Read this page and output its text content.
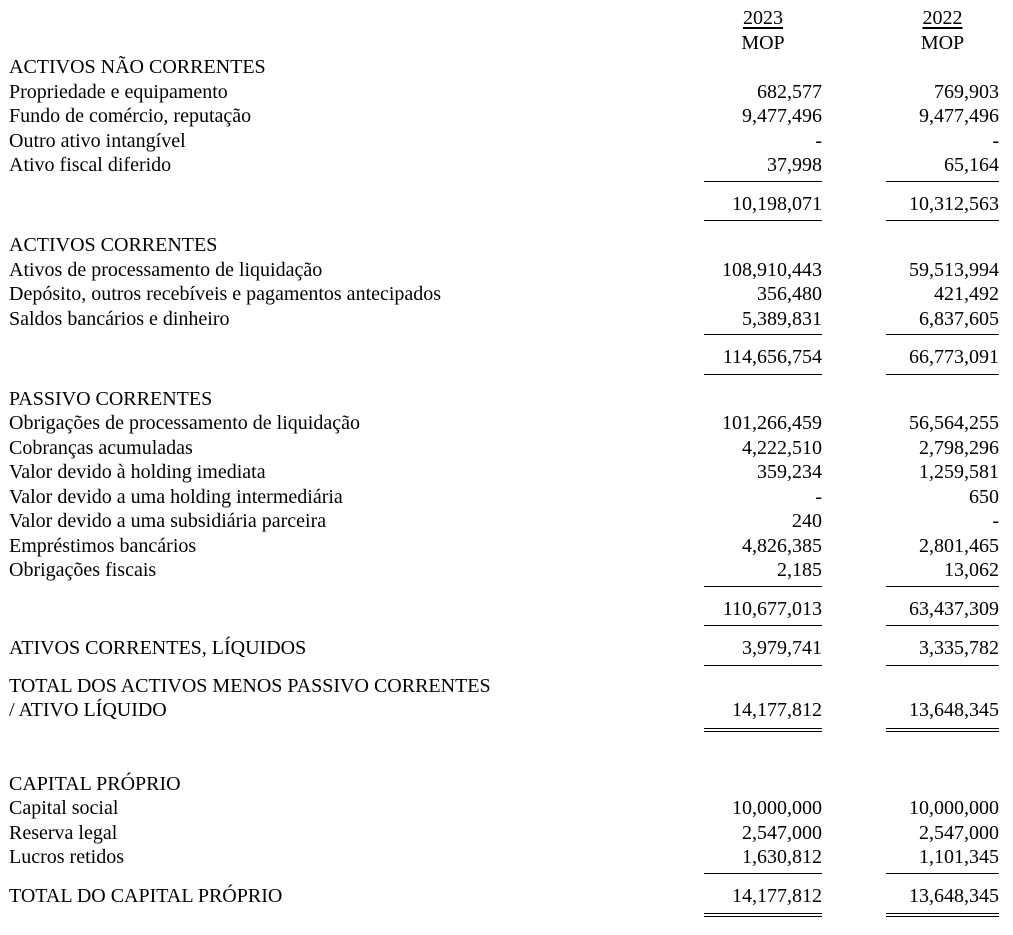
2023	2022
MOP	MOP
ACTIVOS NÃO CORRENTES
Propriedade e equipamento	682,577	769,903
Fundo de comércio, reputação	9,477,496	9,477,496
Outro ativo intangível	-	-
Ativo fiscal diferido	37,998	65,164

10,198,071	10,312,563
ACTIVOS CORRENTES
Ativos de processamento de liquidação	108,910,443	59,513,994
Depósito, outros recebíveis e pagamentos antecipados	356,480	421,492
Saldos bancários e dinheiro	5,389,831	6,837,605

114,656,754	66,773,091
PASSIVO CORRENTES
Obrigações de processamento de liquidação	101,266,459	56,564,255
Cobranças acumuladas	4,222,510	2,798,296
Valor devido à holding imediata	359,234	1,259,581
Valor devido a uma holding intermediária	-	650
Valor devido a uma subsidiária parceira	240	-
Empréstimos bancários	4,826,385	2,801,465
Obrigações fiscais	2,185	13,062

110,677,013	63,437,309
ATIVOS CORRENTES, LÍQUIDOS	3,979,741	3,335,782
TOTAL DOS ACTIVOS MENOS PASSIVO CORRENTES
/ ATIVO LÍQUIDO	14,177,812	13,648,345
CAPITAL PRÓPRIO
Capital social	10,000,000	10,000,000
Reserva legal	2,547,000	2,547,000
Lucros retidos	1,630,812	1,101,345
TOTAL DO CAPITAL PRÓPRIO	14,177,812	13,648,345
